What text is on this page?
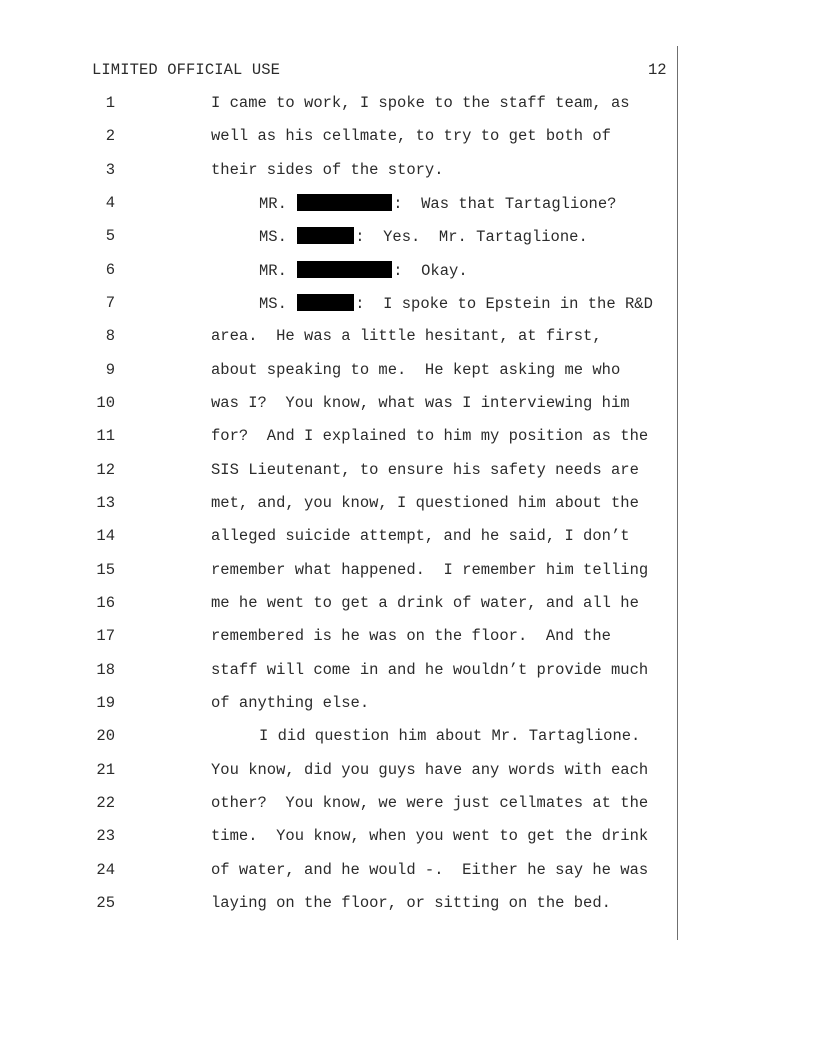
LIMITED OFFICIAL USE	12
1	I came to work, I spoke to the staff team, as
2	well as his cellmate, to try to get both of
3	their sides of the story.
4	MR.	:  Was that Tartaglione?
5	MS.	:  Yes.  Mr. Tartaglione.
6	MR.	:  Okay.
7	MS.	:  I spoke to Epstein in the R&D
8	area.  He was a little hesitant, at first,
9	about speaking to me.  He kept asking me who
10	was I?  You know, what was I interviewing him
11	for?  And I explained to him my position as the
12	SIS Lieutenant, to ensure his safety needs are
13	met, and, you know, I questioned him about the
14	alleged suicide attempt, and he said, I don’t
15	remember what happened.  I remember him telling
16	me he went to get a drink of water, and all he
17	remembered is he was on the floor.  And the
18	staff will come in and he wouldn’t provide much
19	of anything else.
20	I did question him about Mr. Tartaglione.
21	You know, did you guys have any words with each
22	other?  You know, we were just cellmates at the
23	time.  You know, when you went to get the drink
24	of water, and he would -.  Either he say he was
25	laying on the floor, or sitting on the bed.
